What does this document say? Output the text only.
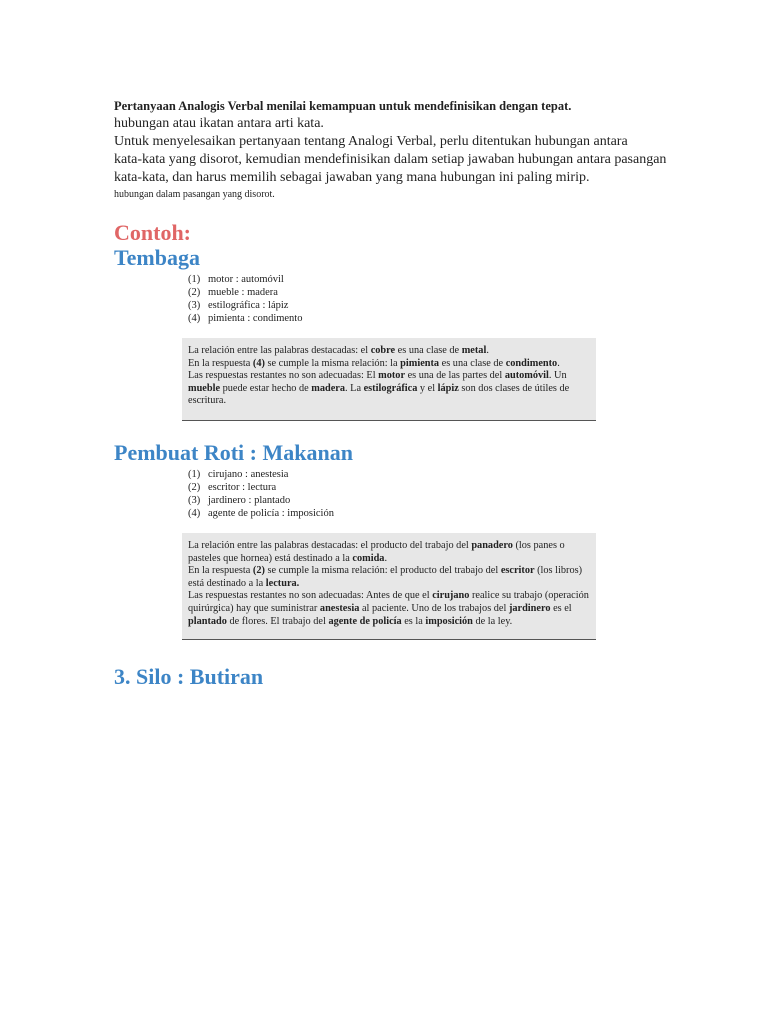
Pertanyaan Analogis Verbal menilai kemampuan untuk mendefinisikan dengan tepat.

hubungan atau ikatan antara arti kata.

Untuk menyelesaikan pertanyaan tentang Analogi Verbal, perlu ditentukan hubungan antara

kata-kata yang disorot, kemudian mendefinisikan dalam setiap jawaban hubungan antara pasangan

kata-kata, dan harus memilih sebagai jawaban yang mana hubungan ini paling mirip.

hubungan dalam pasangan yang disorot.

Contoh:
Tembaga
(1) motor : automóvil
(2) mueble : madera
(3) estilográfica : lápiz
(4) pimienta : condimento

La relación entre las palabras destacadas: el cobre es una clase de metal.

En la respuesta (4) se cumple la misma relación: la pimienta es una clase de condimento.

Las respuestas restantes no son adecuadas: El motor es una de las partes del automóvil. Un mueble puede estar hecho de madera. La estilográfica y el lápiz son dos clases de útiles de escritura.

Pembuat Roti : Makanan
(1) cirujano : anestesia
(2) escritor : lectura
(3) jardinero : plantado
(4) agente de policía : imposición

La relación entre las palabras destacadas: el producto del trabajo del panadero (los panes o pasteles que hornea) está destinado a la comida.

En la respuesta (2) se cumple la misma relación: el producto del trabajo del escritor (los libros) está destinado a la lectura.

Las respuestas restantes no son adecuadas: Antes de que el cirujano realice su trabajo (operación quirúrgica) hay que suministrar anestesia al paciente. Uno de los trabajos del jardinero es el plantado de flores. El trabajo del agente de policía es la imposición de la ley.

3. Silo : Butiran
